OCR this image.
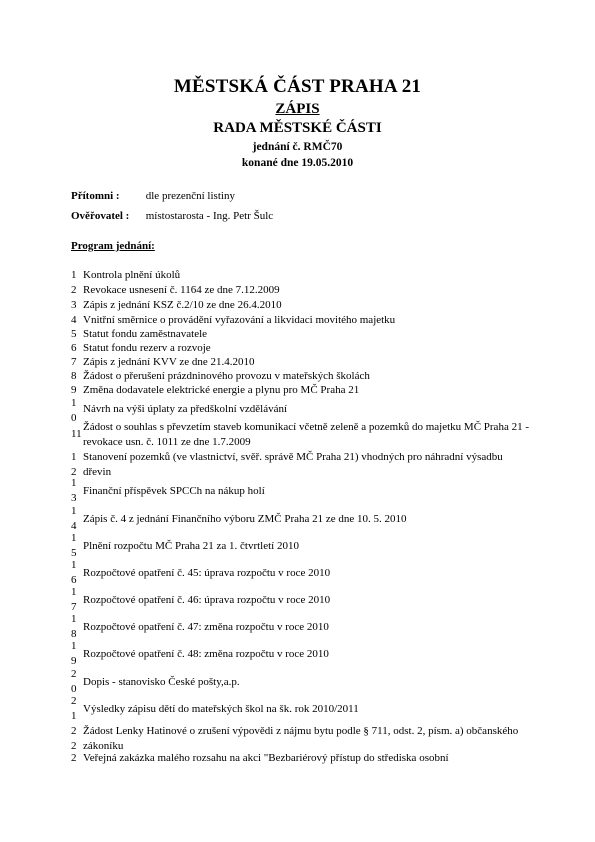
MĚSTSKÁ ČÁST PRAHA 21
ZÁPIS
RADA MĚSTSKÉ ČÁSTI
jednání č. RMČ70
konané dne 19.05.2010
Přítomni : dle prezenční listiny
Ověřovatel : místostarosta - Ing. Petr Šulc
Program jednání:
1 Kontrola plnění úkolů
2 Revokace usnesení č. 1164 ze dne 7.12.2009
3 Zápis z jednání KSZ č.2/10 ze dne 26.4.2010
4 Vnitřní směrnice o provádění vyřazování a likvidaci movitého majetku
5 Statut fondu zaměstnavatele
6 Statut fondu rezerv a rozvoje
7 Zápis z jednání KVV ze dne 21.4.2010
8 Žádost o přerušení prázdninového provozu v mateřských školách
9 Změna dodavatele elektrické energie a plynu pro MČ Praha 21
1
0
Návrh na výši úplaty za předškolní vzdělávání
11
Žádost o souhlas s převzetím staveb komunikací včetně zeleně a pozemků do majetku MČ Praha 21 - revokace usn. č. 1011 ze dne 1.7.2009
1
2
Stanovení pozemků (ve vlastnictví, svěř. správě MČ Praha 21) vhodných pro náhradní výsadbu dřevin
1
3
Finanční příspěvek SPCCh na nákup holí
1
4
Zápis č. 4 z jednání Finančního výboru ZMČ Praha 21 ze dne 10. 5. 2010
1
5
Plnění rozpočtu MČ Praha 21 za 1. čtvrtletí 2010
1
6
Rozpočtové opatření č. 45: úprava rozpočtu v roce 2010
1
7
Rozpočtové opatření č. 46: úprava rozpočtu v roce 2010
1
8
Rozpočtové opatření č. 47: změna rozpočtu v roce 2010
1
9
Rozpočtové opatření č. 48: změna rozpočtu v roce 2010
2
0
Dopis - stanovisko České pošty,a.p.
2
1
Výsledky zápisu dětí do mateřských škol na šk. rok 2010/2011
2
2
Žádost Lenky Hatinové o zrušení výpovědi z nájmu bytu podle § 711, odst. 2, písm. a) občanského zákoníku
2 Veřejná zakázka malého rozsahu na akci "Bezbariérový přístup do střediska osobní
